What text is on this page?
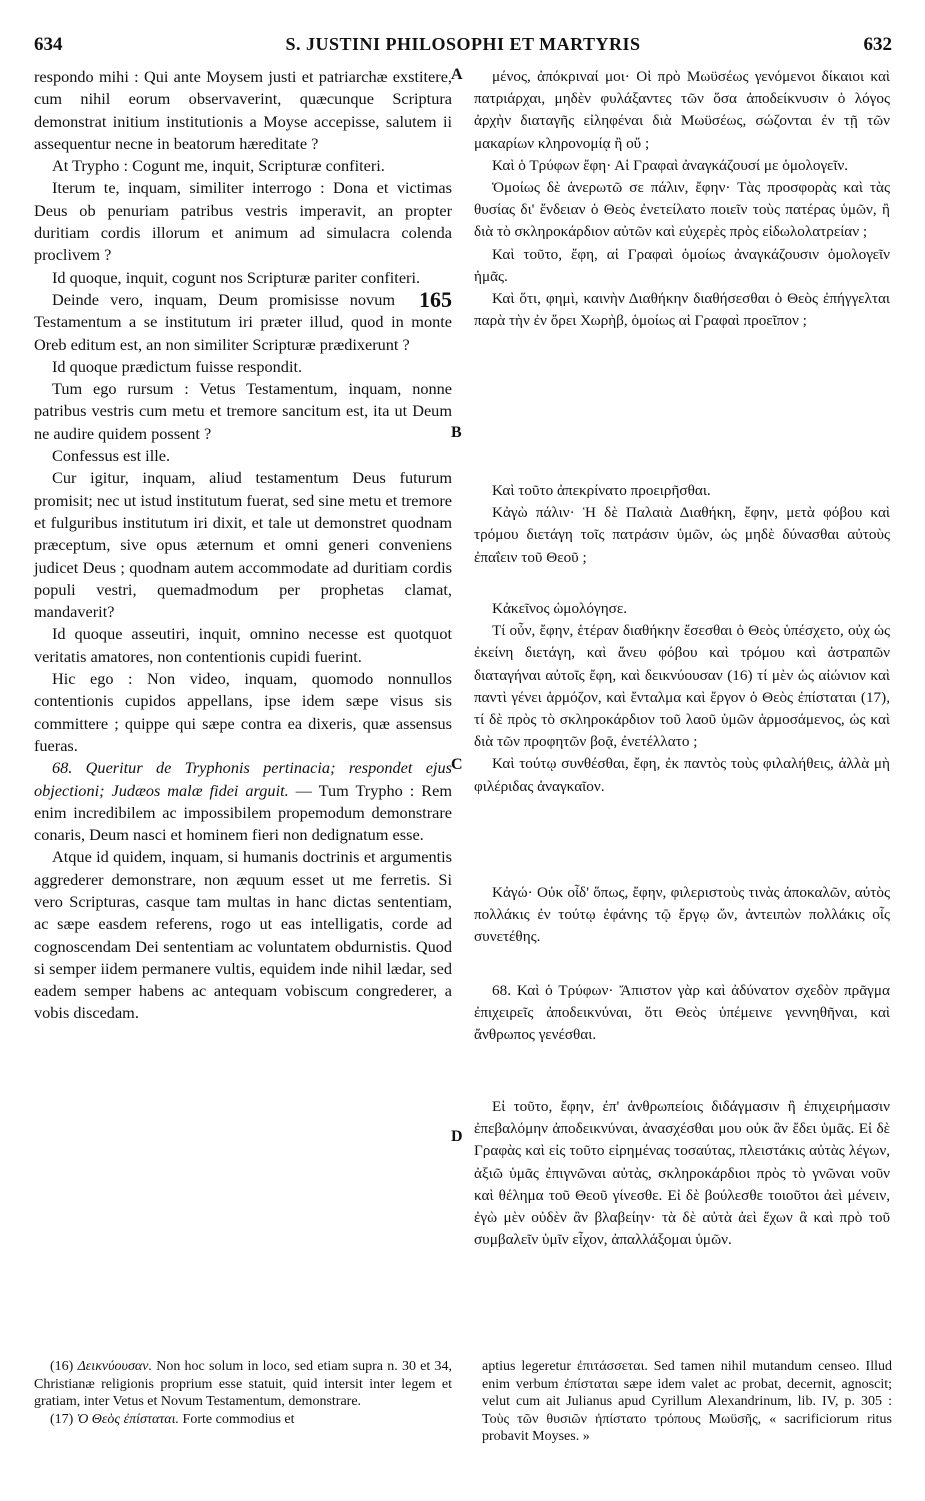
634	S. JUSTINI PHILOSOPHI ET MARTYRIS	632
A
B
C
D

respondo mihi : Qui ante Moysem justi et patriarchæ exstitere, cum nihil eorum observaverint, quæcunque Scriptura demonstrat initium institutionis a Moyse accepisse, salutem ii assequentur necne in beatorum hæreditate ?

At Trypho : Cogunt me, inquit, Scripturæ confiteri.

Iterum te, inquam, similiter interrogo : Dona et victimas Deus ob penuriam patribus vestris imperavit, an propter duritiam cordis illorum et animum ad simulacra colenda proclivem ?

Id quoque, inquit, cogunt nos Scripturæ pariter confiteri.

165
Deinde vero, inquam, Deum promisisse novum Testamentum a se institutum iri præter illud, quod in monte Oreb editum est, an non similiter Scripturæ prædixerunt ?

Id quoque prædictum fuisse respondit.

Tum ego rursum : Vetus Testamentum, inquam, nonne patribus vestris cum metu et tremore sancitum est, ita ut Deum ne audire quidem possent ?

Confessus est ille.

Cur igitur, inquam, aliud testamentum Deus futurum promisit; nec ut istud institutum fuerat, sed sine metu et tremore et fulguribus institutum iri dixit, et tale ut demonstret quodnam præceptum, sive opus æternum et omni generi conveniens judicet Deus ; quodnam autem accommodate ad duritiam cordis populi vestri, quemadmodum per prophetas clamat, mandaverit?

Id quoque asseutiri, inquit, omnino necesse est quotquot veritatis amatores, non contentionis cupidi fuerint.

Hic ego : Non video, inquam, quomodo nonnullos contentionis cupidos appellans, ipse idem sæpe visus sis committere ; quippe qui sæpe contra ea dixeris, quæ assensus fueras.

68. Queritur de Tryphonis pertinacia; respondet ejus objectioni; Judæos malæ fidei arguit. — Tum Trypho : Rem enim incredibilem ac impossibilem propemodum demonstrare conaris, Deum nasci et hominem fieri non dedignatum esse.

Atque id quidem, inquam, si humanis doctrinis et argumentis aggrederer demonstrare, non æquum esset ut me ferretis. Si vero Scripturas, casque tam multas in hanc dictas sententiam, ac sæpe easdem referens, rogo ut eas intelligatis, corde ad cognoscendam Dei sententiam ac voluntatem obdurnistis. Quod si semper iidem permanere vultis, equidem inde nihil lædar, sed eadem semper habens ac antequam vobiscum congrederer, a vobis discedam.

μένος, ἀπόκριναί μοι· Οἱ πρὸ Μωϋσέως γενόμενοι δίκαιοι καὶ πατριάρχαι, μηδὲν φυλάξαντες τῶν ὅσα ἀποδείκνυσιν ὁ λόγος ἀρχὴν διαταγῆς εἰληφέναι διὰ Μωϋσέως, σώζονται ἐν τῇ τῶν μακαρίων κληρονομίᾳ ἢ οὔ ;

Καὶ ὁ Τρύφων ἔφη· Αἱ Γραφαὶ ἀναγκάζουσί με ὁμολογεῖν.

Ὁμοίως δὲ ἀνερωτῶ σε πάλιν, ἔφην· Τὰς προσφορὰς καὶ τὰς θυσίας δι' ἔνδειαν ὁ Θεὸς ἐνετείλατο ποιεῖν τοὺς πατέρας ὑμῶν, ἢ διὰ τὸ σκληροκάρδιον αὐτῶν καὶ εὐχερὲς πρὸς εἰδωλολατρείαν ;

Καὶ τοῦτο, ἔφη, αἱ Γραφαὶ ὁμοίως ἀναγκάζουσιν ὁμολογεῖν ἡμᾶς.

Καὶ ὅτι, φημὶ, καινὴν Διαθήκην διαθήσεσθαι ὁ Θεὸς ἐπήγγελται παρὰ τὴν ἐν ὄρει Χωρὴβ, ὁμοίως αἱ Γραφαὶ προεῖπον ;

Καὶ τοῦτο ἀπεκρίνατο προειρῆσθαι.

Κἀγὼ πάλιν· Ἡ δὲ Παλαιὰ Διαθήκη, ἔφην, μετὰ φόβου καὶ τρόμου διετάγη τοῖς πατράσιν ὑμῶν, ὡς μηδὲ δύνασθαι αὐτοὺς ἐπαΐειν τοῦ Θεοῦ ;

Κἀκεῖνος ὡμολόγησε.

Τί οὖν, ἔφην, ἑτέραν διαθήκην ἔσεσθαι ὁ Θεὸς ὑπέσχετο, οὐχ ὡς ἐκείνη διετάγη, καὶ ἄνευ φόβου καὶ τρόμου καὶ ἀστραπῶν διαταγήναι αὐτοῖς ἔφη, καὶ δεικνύουσαν (16) τί μὲν ὡς αἰώνιον καὶ παντὶ γένει ἁρμόζον, καὶ ἔνταλμα καὶ ἔργον ὁ Θεὸς ἐπίσταται (17), τί δὲ πρὸς τὸ σκληροκάρδιον τοῦ λαοῦ ὑμῶν ἁρμοσάμενος, ὡς καὶ διὰ τῶν προφητῶν βοᾷ, ἐνετέλλατο ;

Καὶ τούτῳ συνθέσθαι, ἔφη, ἐκ παντὸς τοὺς φιλαλήθεις, ἀλλὰ μὴ φιλέριδας ἀναγκαῖον.

Κἀγώ· Οὐκ οἶδ' ὅπως, ἔφην, φιλεριστοὺς τινὰς ἀποκαλῶν, αὐτὸς πολλάκις ἐν τούτῳ ἐφάνης τῷ ἔργῳ ὤν, ἀντειπὼν πολλάκις οἷς συνετέθης.

68. Καὶ ὁ Τρύφων· Ἄπιστον γὰρ καὶ ἀδύνατον σχεδὸν πρᾶγμα ἐπιχειρεῖς ἀποδεικνύναι, ὅτι Θεὸς ὑπέμεινε γεννηθῆναι, καὶ ἄνθρωπος γενέσθαι.

Εἰ τοῦτο, ἔφην, ἐπ' ἀνθρωπείοις διδάγμασιν ἢ ἐπιχειρήμασιν ἐπεβαλόμην ἀποδεικνύναι, ἀνασχέσθαι μου οὐκ ἂν ἔδει ὑμᾶς. Εἰ δὲ Γραφὰς καὶ εἰς τοῦτο εἰρημένας τοσαύτας, πλειστάκις αὐτὰς λέγων, ἀξιῶ ὑμᾶς ἐπιγνῶναι αὐτὰς, σκληροκάρδιοι πρὸς τὸ γνῶναι νοῦν καὶ θέλημα τοῦ Θεοῦ γίνεσθε. Εἰ δὲ βούλεσθε τοιοῦτοι ἀεὶ μένειν, ἐγὼ μὲν οὐδὲν ἂν βλαβείην· τὰ δὲ αὐτὰ ἀεὶ ἔχων ἃ καὶ πρὸ τοῦ συμβαλεῖν ὑμῖν εἶχον, ἀπαλλάξομαι ὑμῶν.

(16) Δεικνύουσαν. Non hoc solum in loco, sed etiam supra n. 30 et 34, Christianæ religionis proprium esse statuit, quid intersit inter legem et gratiam, inter Vetus et Novum Testamentum, demonstrare.

(17) Ὁ Θεὸς ἐπίσταται. Forte commodius et

aptius legeretur ἐπιτάσσεται. Sed tamen nihil mutandum censeo. Illud enim verbum ἐπίσταται sæpe idem valet ac probat, decernit, agnoscit; velut cum ait Julianus apud Cyrillum Alexandrinum, lib. IV, p. 305 : Τοὺς τῶν θυσιῶν ἠπίστατο τρόπους Μωϋσῆς, « sacrificiorum ritus probavit Moyses. »
